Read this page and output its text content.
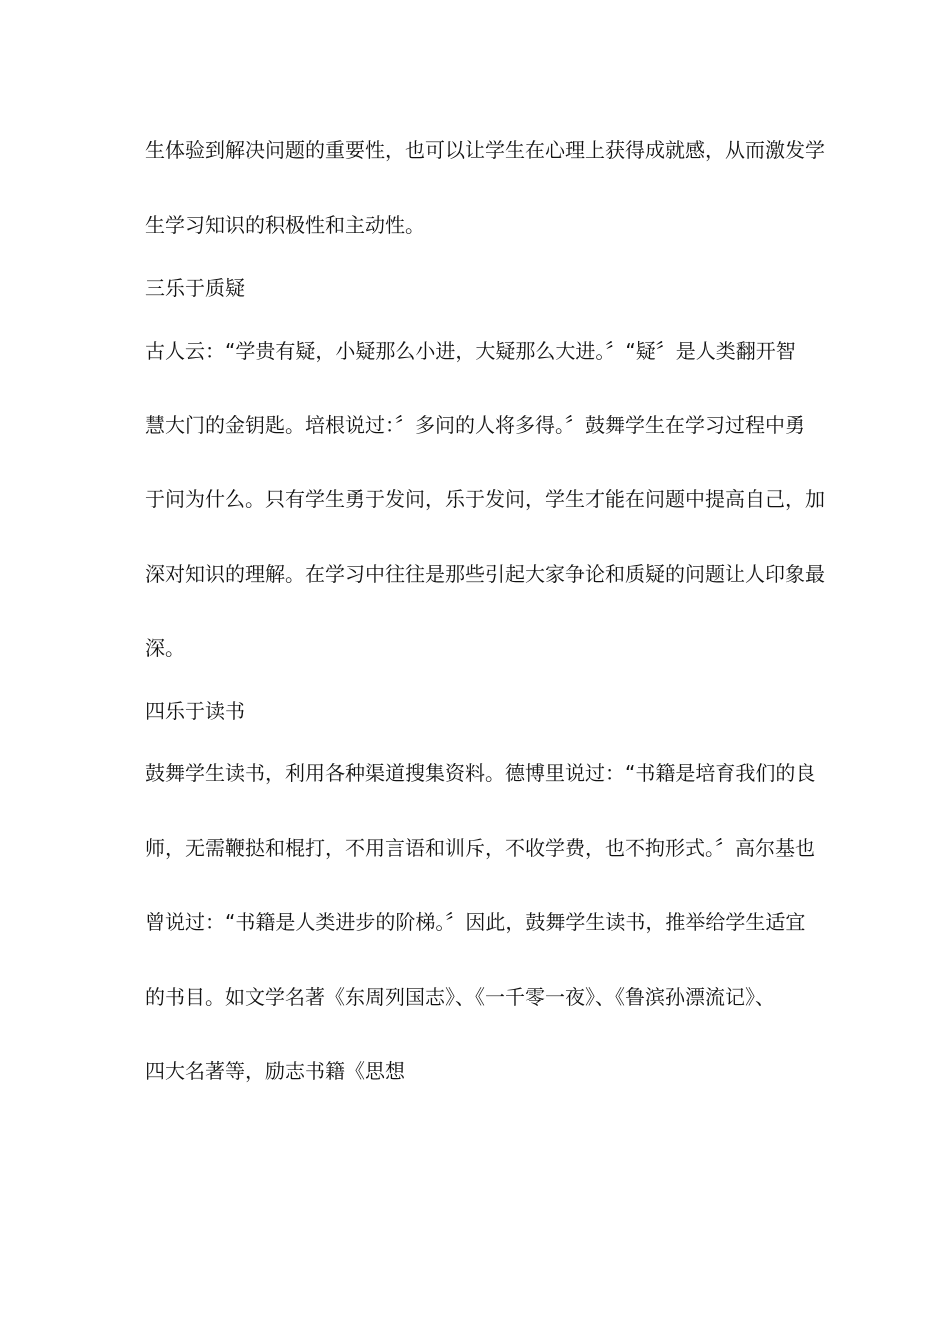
生体验到解决问题的重要性，也可以让学生在心理上获得成就感，从而激发学
生学习知识的积极性和主动性。
三乐于质疑
古人云：“学贵有疑，小疑那么小进，大疑那么大进。〞“疑〞是人类翻开智
慧大门的金钥匙。培根说过：〞多问的人将多得。〞鼓舞学生在学习过程中勇
于问为什么。只有学生勇于发问，乐于发问，学生才能在问题中提高自己，加
深对知识的理解。在学习中往往是那些引起大家争论和质疑的问题让人印象最
深。
四乐于读书
鼓舞学生读书，利用各种渠道搜集资料。德博里说过：“书籍是培育我们的良
师，无需鞭挞和棍打，不用言语和训斥，不收学费，也不拘形式。〞高尔基也
曾说过：“书籍是人类进步的阶梯。〞因此，鼓舞学生读书，推举给学生适宜
的书目。如文学名著《东周列国志》、《一千零一夜》、《鲁滨孙漂流记》、
四大名著等，励志书籍《思想
